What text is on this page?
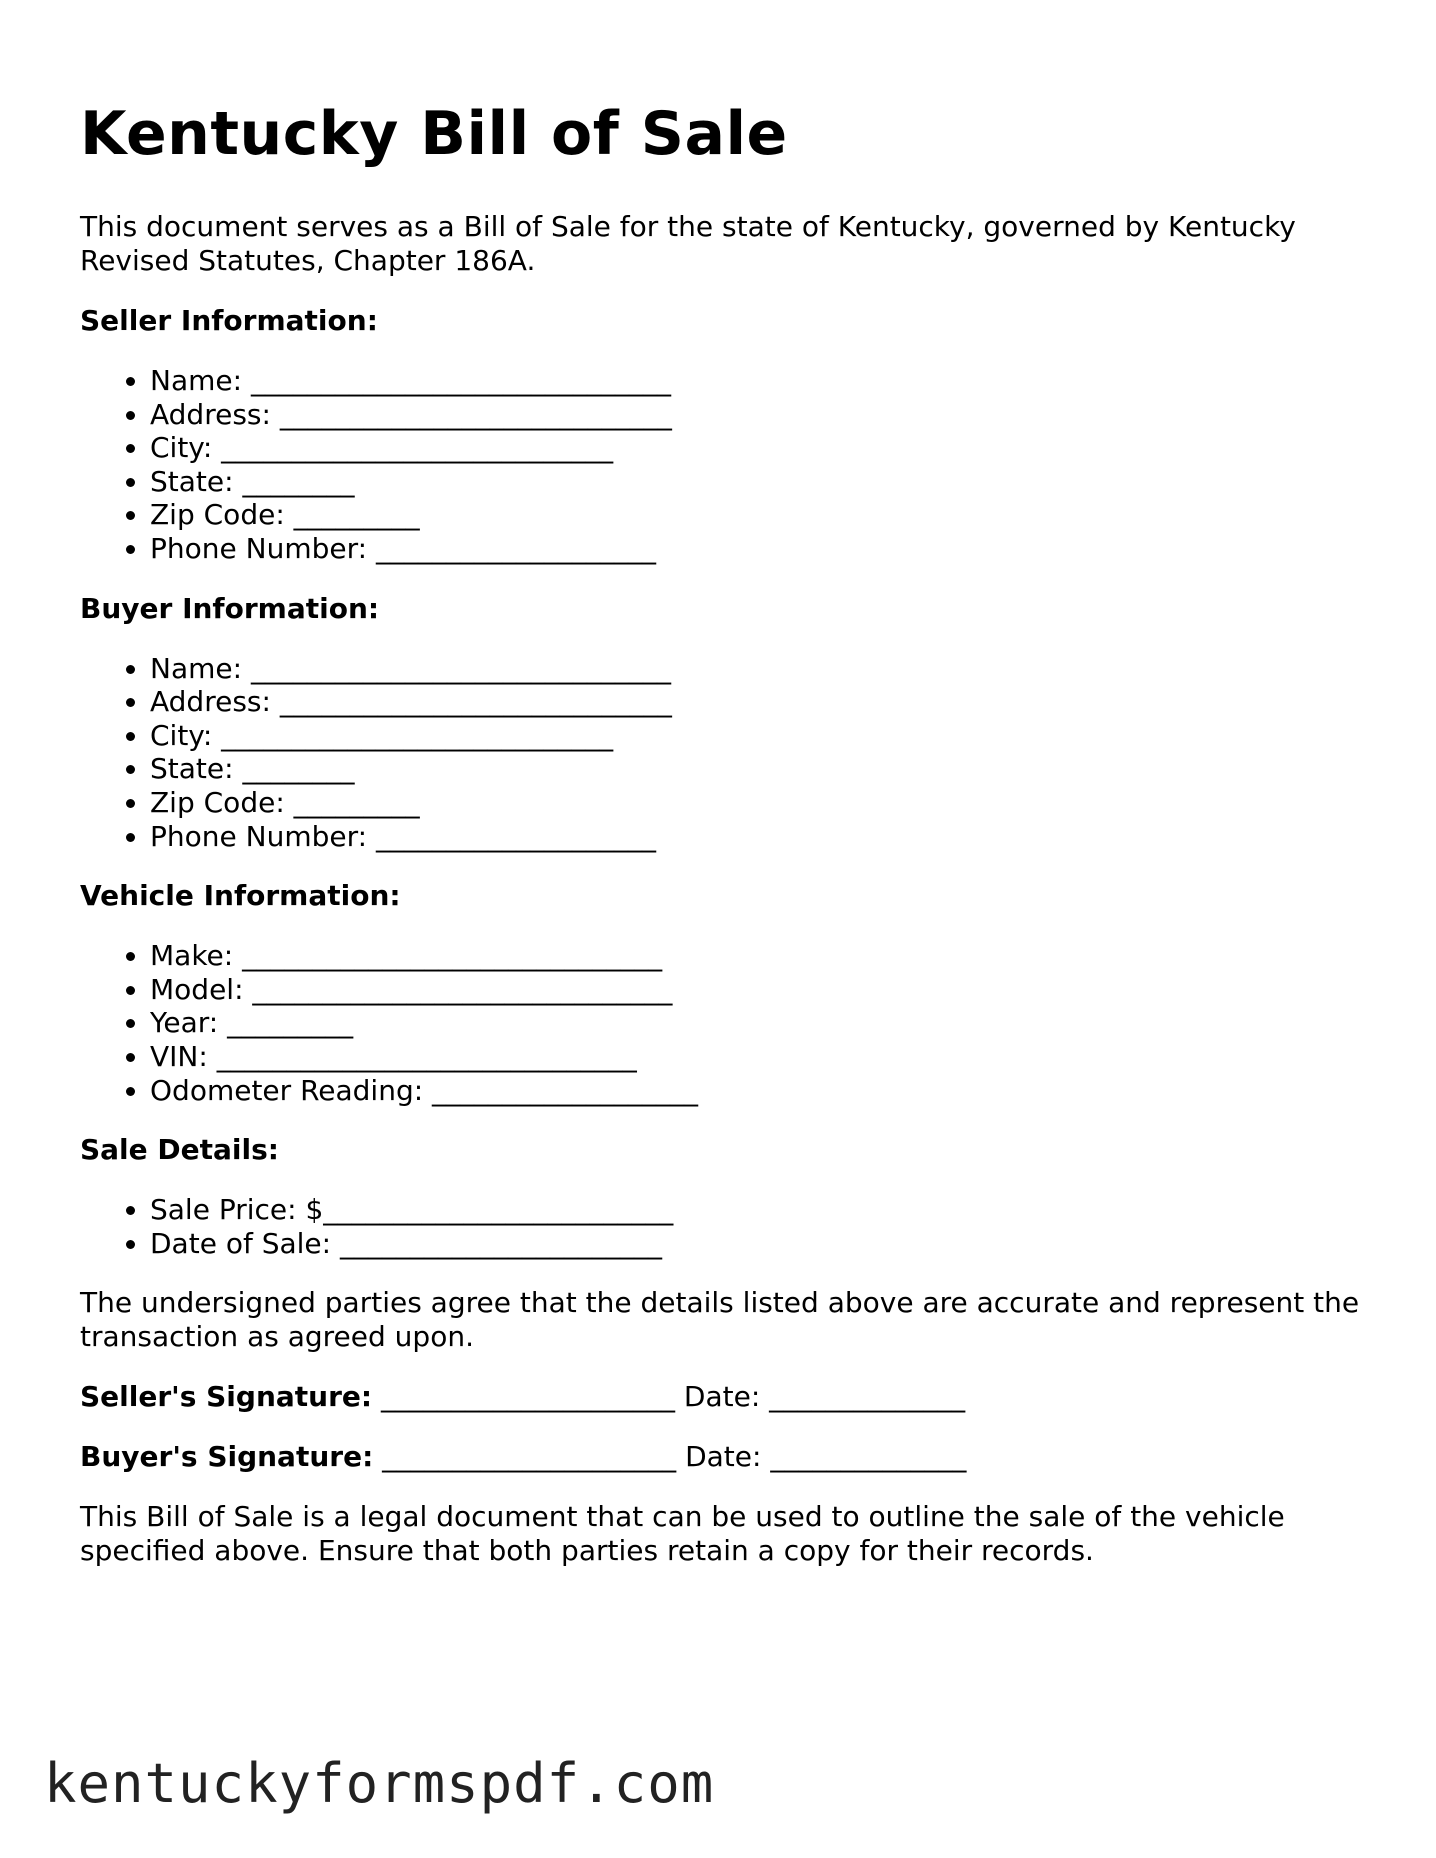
Kentucky Bill of Sale

This document serves as a Bill of Sale for the state of Kentucky, governed by Kentucky Revised Statutes, Chapter 186A.

Seller Information:
• Name: ______________________________
• Address: ____________________________
• City: ____________________________
• State: ________
• Zip Code: _________
• Phone Number: ____________________
Buyer Information:
• Name: ______________________________
• Address: ____________________________
• City: ____________________________
• State: ________
• Zip Code: _________
• Phone Number: ____________________
Vehicle Information:
• Make: ______________________________
• Model: ______________________________
• Year: _________
• VIN: ______________________________
• Odometer Reading: ___________________
Sale Details:
• Sale Price: $_________________________
• Date of Sale: _______________________

The undersigned parties agree that the details listed above are accurate and represent the transaction as agreed upon.

Seller's Signature: _____________________ Date: ______________
Buyer's Signature: _____________________ Date: ______________

This Bill of Sale is a legal document that can be used to outline the sale of the vehicle specified above. Ensure that both parties retain a copy for their records.

kentuckyformspdf.com
